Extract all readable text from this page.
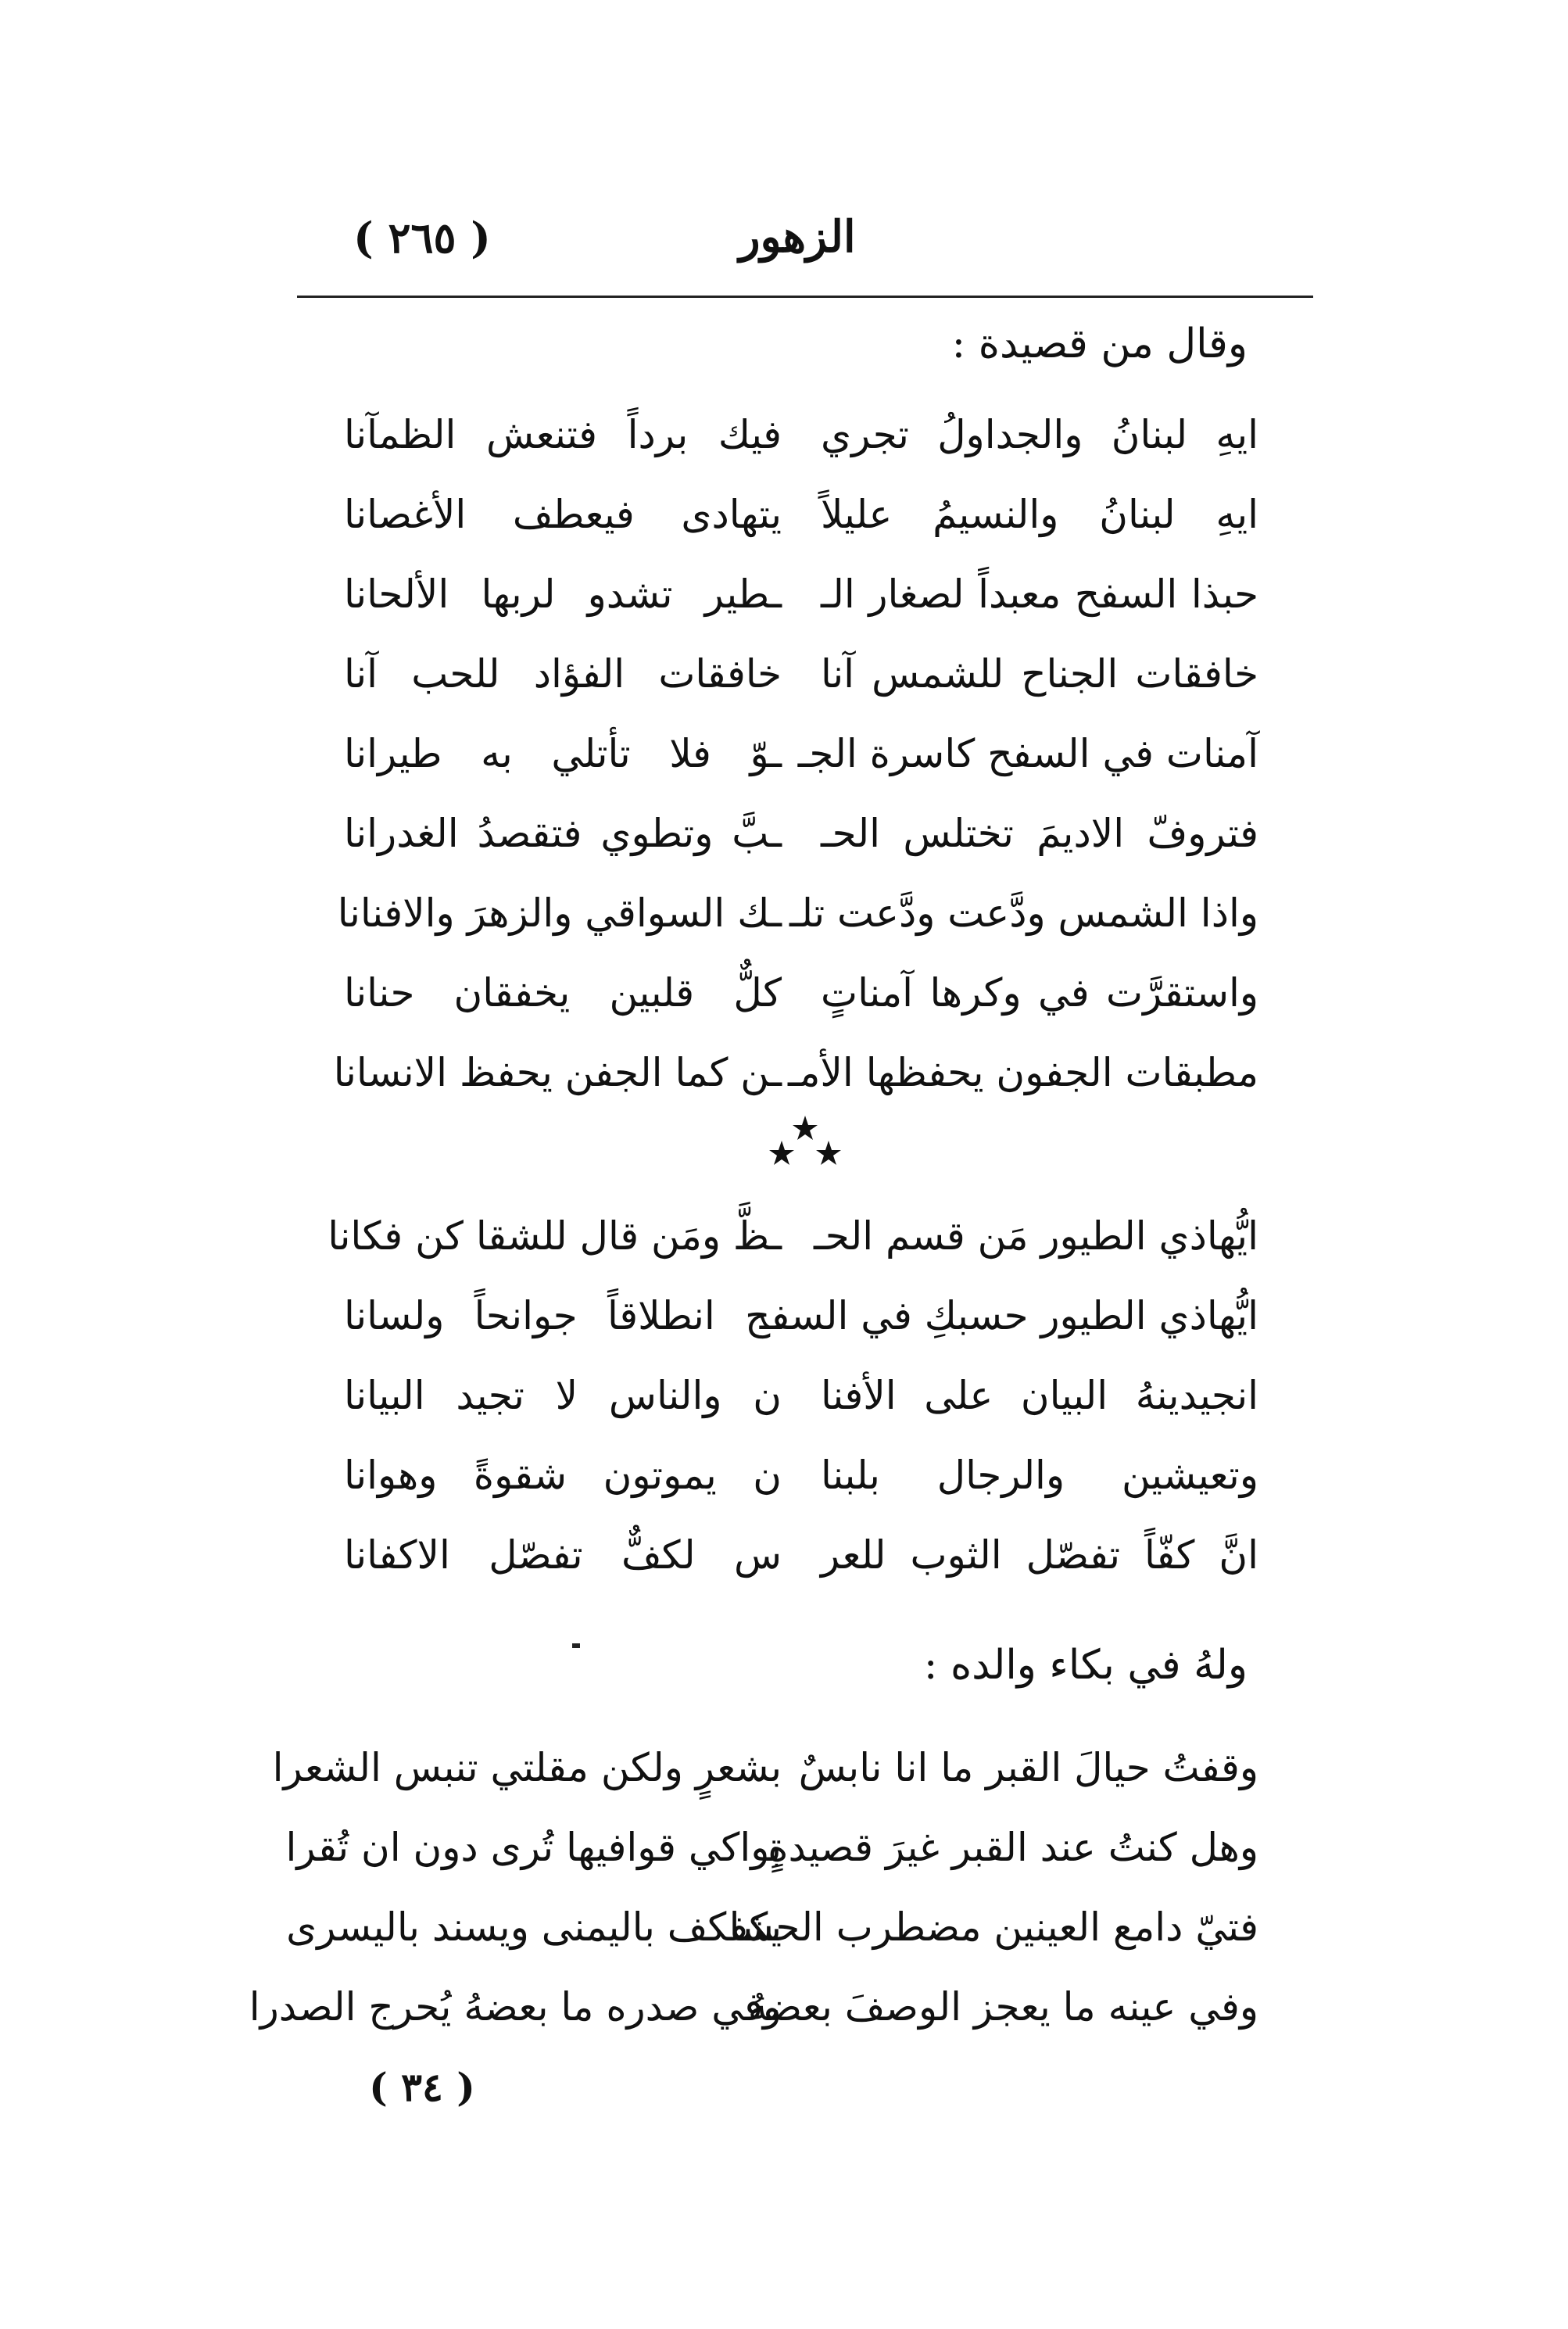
الزهور
( ٢٦٥ )
وقال من قصيدة :
ايهِ لبنانُ والجداولُ تجري
فيك برداً فتنعش الظمآنا
ايهِ لبنانُ والنسيمُ عليلاً
يتهادى فيعطف الأغصانا
حبذا السفح معبداً لصغار الـ
ـطير تشدو لربها الألحانا
خافقات الجناح للشمس آنا
خافقات الفؤاد للحب آنا
آمنات في السفح كاسرة الجـ
ـوّ فلا تأتلي به طيرانا
فتروفّ الاديمَ تختلس الحـ
ـبَّ وتطوي فتقصدُ الغدرانا
واذا الشمس ودَّعت ودَّعت تلـ
ـك السواقي والزهرَ والافنانا
واستقرَّت في وكرها آمناتٍ
كلٌّ قلبين يخفقان حنانا
مطبقات الجفون يحفظها الأمـ
ـن كما الجفن يحفظ الانسانا
ايُّهاذي الطيور مَن قسم الحـ
ـظَّ ومَن قال للشقا كن فكانا
ايُّهاذي الطيور حسبكِ في السفـ
ـح انطلاقاً جوانحاً ولسانا
انجيدينهُ البيان على الأفنا
ن والناس لا تجيد البيانا
وتعيشين والرجال بلبنا
ن يموتون شقوةً وهوانا
انَّ كفّاً تفصّل الثوب للعر
س لكفٌّ تفصّل الاكفانا
ولهُ في بكاء والده :
وقفتُ حيالَ القبر ما انا نابسٌ
بشعرٍ ولكن مقلتي تنبس الشعرا
وهل كنتُ عند القبر غيرَ قصيدةٍ
بواكي قوافيها تُرى دون ان تُقرا
فتيّ دامع العينين مضطرب الحشا
يكفكف باليمنى ويسند باليسرى
وفي عينه ما يعجز الوصفَ بعضهُ
وفي صدره ما بعضهُ يُحرج الصدرا
( ٣٤ )
